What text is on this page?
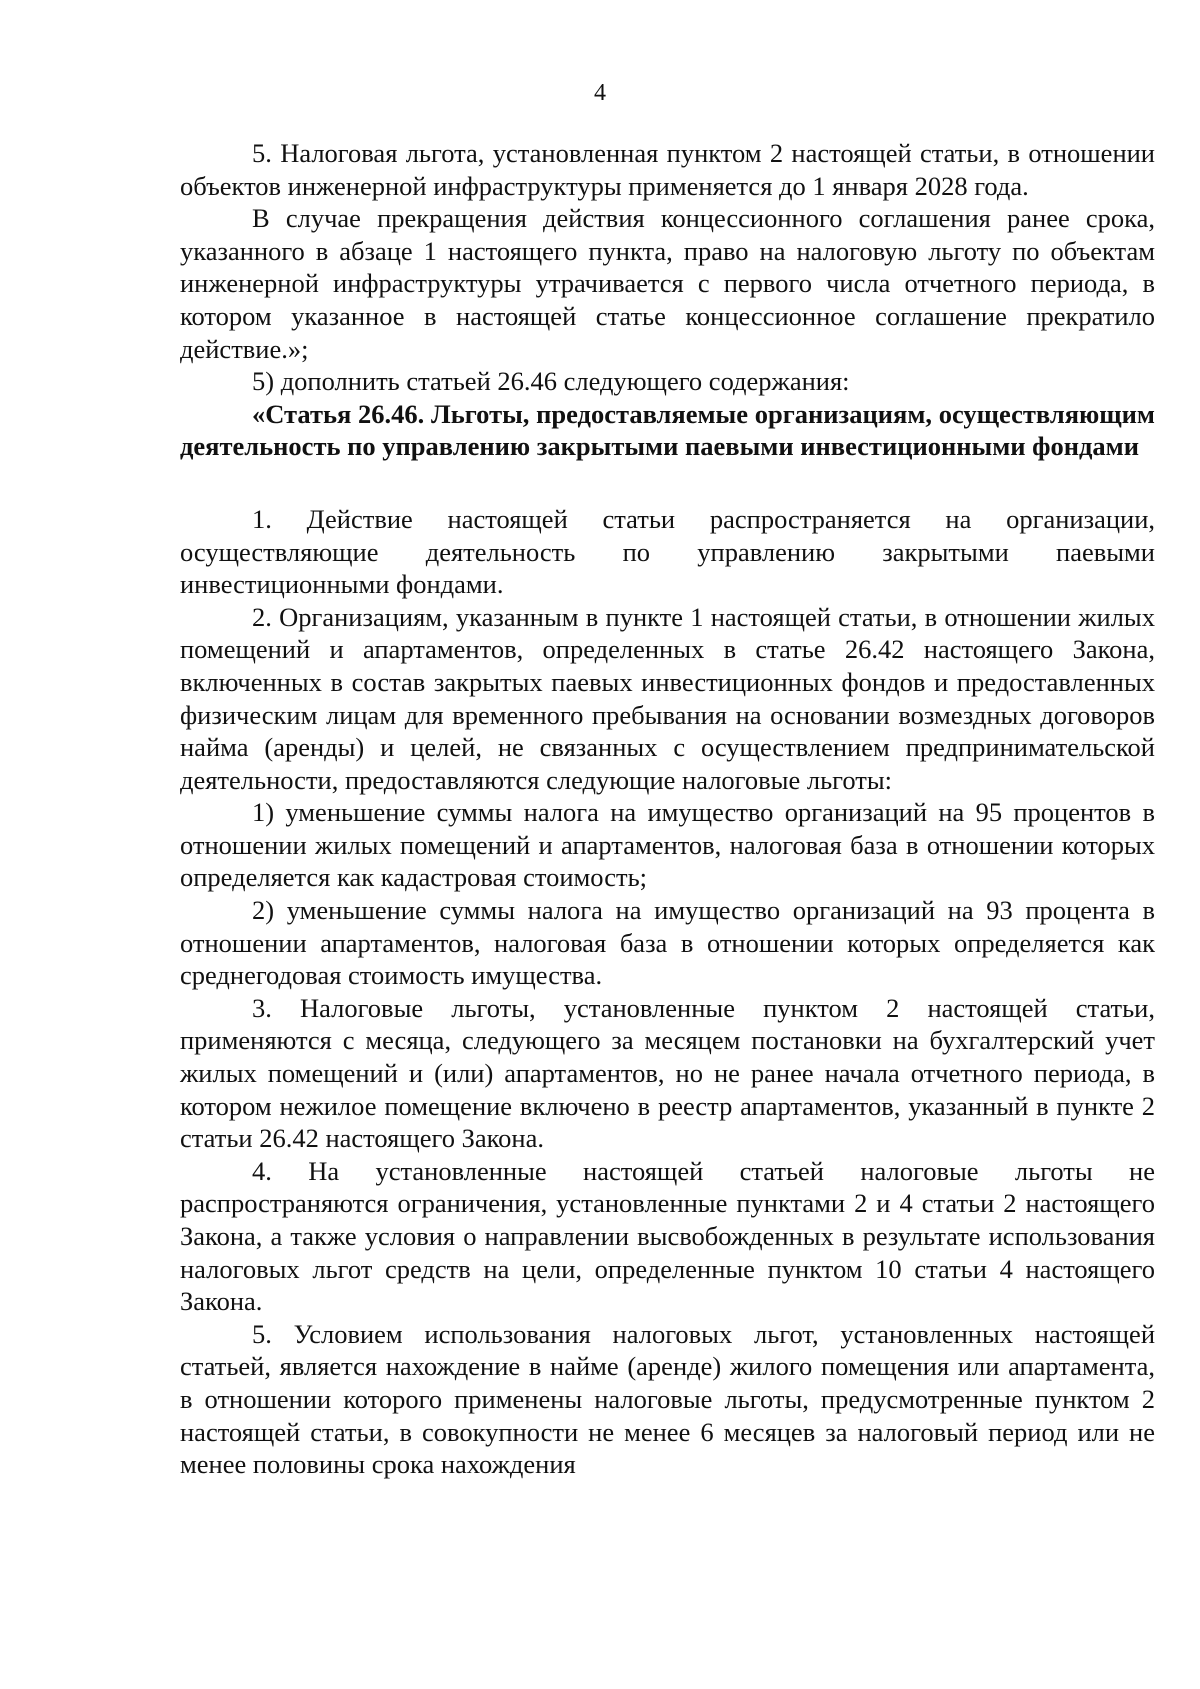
4

5. Налоговая льгота, установленная пунктом 2 настоящей статьи, в отношении объектов инженерной инфраструктуры применяется до 1 января 2028 года.

В случае прекращения действия концессионного соглашения ранее срока, указанного в абзаце 1 настоящего пункта, право на налоговую льготу по объектам инженерной инфраструктуры утрачивается с первого числа отчетного периода, в котором указанное в настоящей статье концессионное соглашение прекратило действие.»;

5) дополнить статьей 26.46 следующего содержания:

«Статья 26.46. Льготы, предоставляемые организациям, осуществляющим деятельность по управлению закрытыми паевыми инвестиционными фондами

1. Действие настоящей статьи распространяется на организации, осуществляющие деятельность по управлению закрытыми паевыми инвестиционными фондами.

2. Организациям, указанным в пункте 1 настоящей статьи, в отношении жилых помещений и апартаментов, определенных в статье 26.42 настоящего Закона, включенных в состав закрытых паевых инвестиционных фондов и предоставленных физическим лицам для временного пребывания на основании возмездных договоров найма (аренды) и целей, не связанных с осуществлением предпринимательской деятельности, предоставляются следующие налоговые льготы:

1) уменьшение суммы налога на имущество организаций на 95 процентов в отношении жилых помещений и апартаментов, налоговая база в отношении которых определяется как кадастровая стоимость;

2) уменьшение суммы налога на имущество организаций на 93 процента в отношении апартаментов, налоговая база в отношении которых определяется как среднегодовая стоимость имущества.

3. Налоговые льготы, установленные пунктом 2 настоящей статьи, применяются с месяца, следующего за месяцем постановки на бухгалтерский учет жилых помещений и (или) апартаментов, но не ранее начала отчетного периода, в котором нежилое помещение включено в реестр апартаментов, указанный в пункте 2 статьи 26.42 настоящего Закона.

4. На установленные настоящей статьей налоговые льготы не распространяются ограничения, установленные пунктами 2 и 4 статьи 2 настоящего Закона, а также условия о направлении высвобожденных в результате использования налоговых льгот средств на цели, определенные пунктом 10 статьи 4 настоящего Закона.

5. Условием использования налоговых льгот, установленных настоящей статьей, является нахождение в найме (аренде) жилого помещения или апартамента, в отношении которого применены налоговые льготы, предусмотренные пунктом 2 настоящей статьи, в совокупности не менее 6 месяцев за налоговый период или не менее половины срока нахождения
